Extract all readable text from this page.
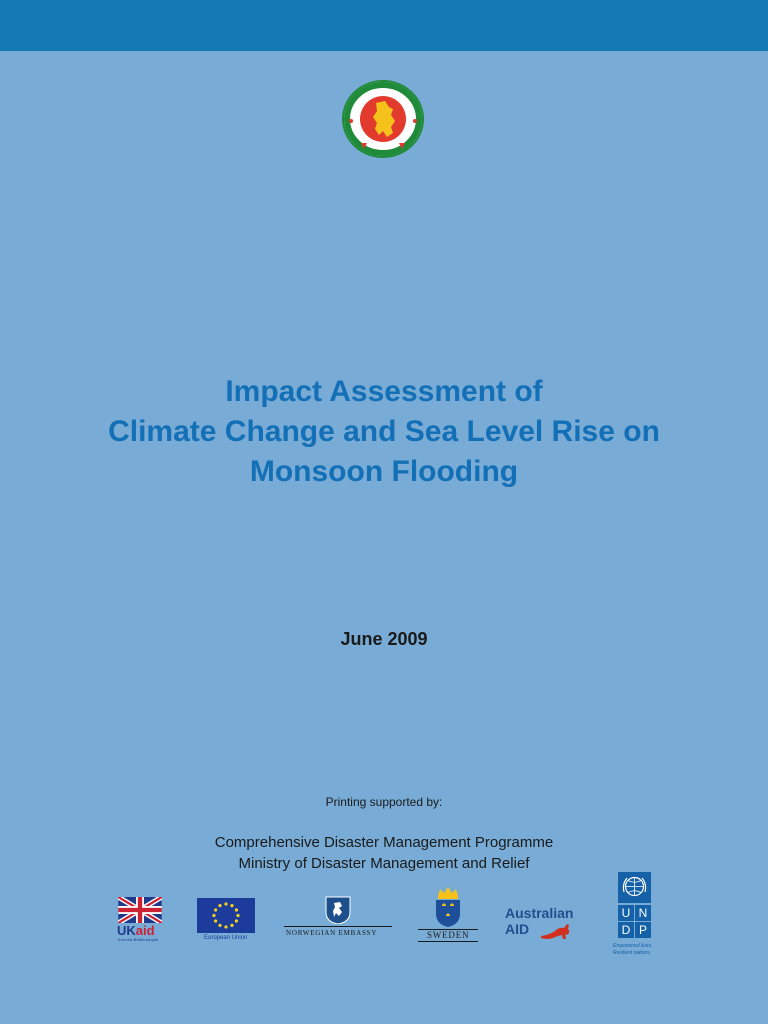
Impact Assessment of
Climate Change and Sea Level Rise on
Monsoon Flooding
June 2009
Printing supported by:
Comprehensive Disaster Management Programme
Ministry of Disaster Management and Relief
UKaid
from the British people	European Union
NORWEGIAN EMBASSY	SWEDEN
Australian
AID
U N
D P
Empowered lives.
Resilient nations.
